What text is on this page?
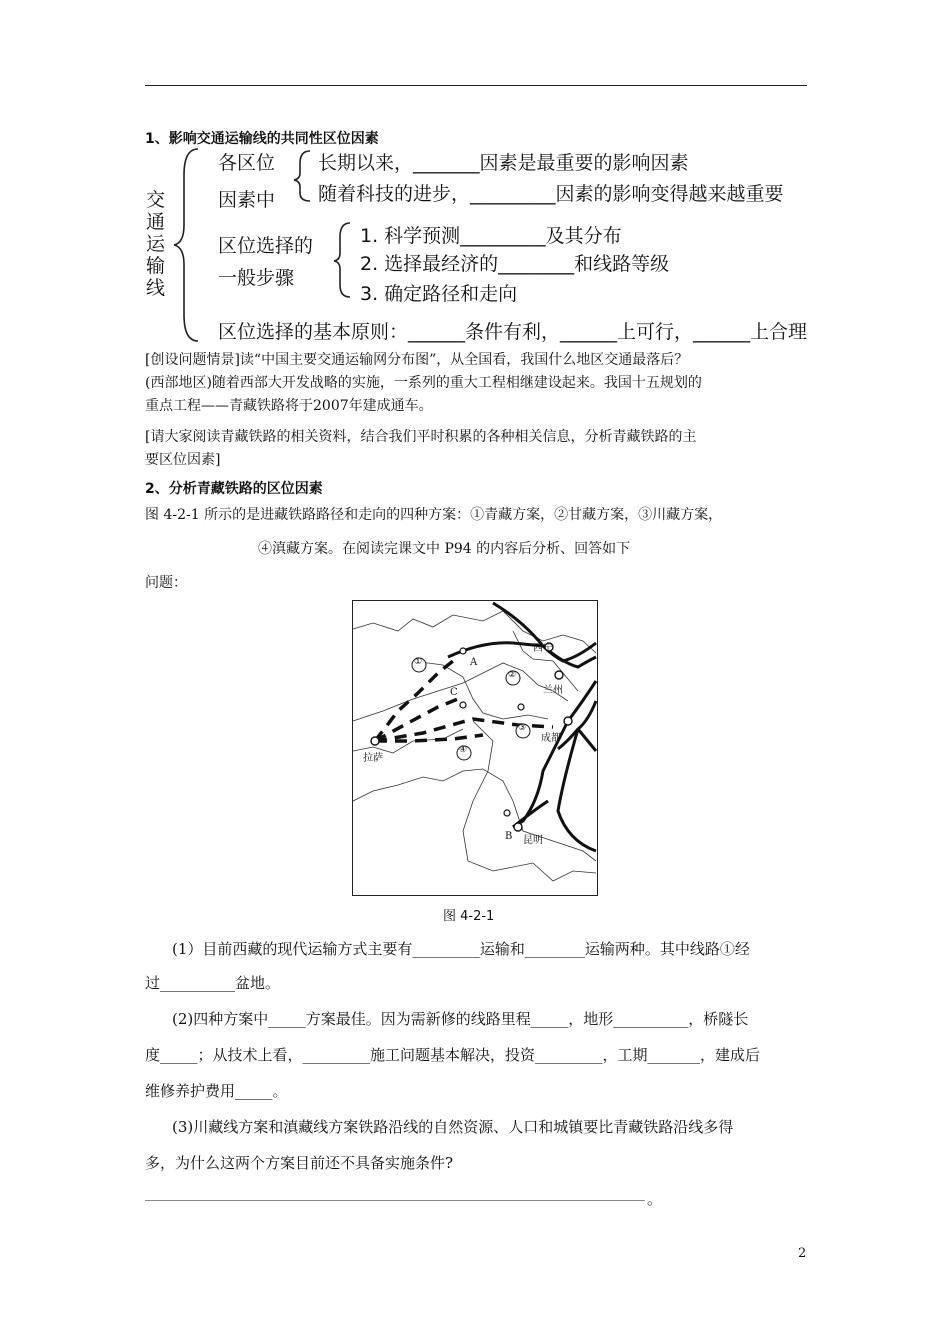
1、影响交通运输线的共同性区位因素
交通运输线
各区位
因素中
长期以来，_______因素是最重要的影响因素
随着科技的进步，_________因素的影响变得越来越重要
区位选择的
一般步骤
1. 科学预测_________及其分布
2. 选择最经济的________和线路等级
3. 确定路径和走向
区位选择的基本原则：______条件有利，______上可行，______上合理
[创设问题情景]读“中国主要交通运输网分布图”，从全国看，我国什么地区交通最落后？
(西部地区)随着西部大开发战略的实施，一系列的重大工程相继建设起来。我国十五规划的
重点工程——青藏铁路将于2007年建成通车。
[请大家阅读青藏铁路的相关资料，结合我们平时积累的各种相关信息，分析青藏铁路的主
要区位因素]
2、分析青藏铁路的区位因素
图 4-2-1 所示的是进藏铁路路径和走向的四种方案：①青藏方案，②甘藏方案，③川藏方案，
④滇藏方案。在阅读完课文中 P94 的内容后分析、回答如下
问题：
西宁
兰州
成都
拉萨
昆明
A
C
B
①
②
③
④
图 4-2-1
(1）目前西藏的现代运输方式主要有_________运输和________运输两种。其中线路①经
过__________盆地。
(2)四种方案中_____方案最佳。因为需新修的线路里程_____，地形__________，桥隧长
度_____；从技术上看，_________施工问题基本解决，投资_________，工期_______，建成后
维修养护费用_____。
(3)川藏线方案和滇藏线方案铁路沿线的自然资源、人口和城镇要比青藏铁路沿线多得
多，为什么这两个方案目前还不具备实施条件?
。
2
